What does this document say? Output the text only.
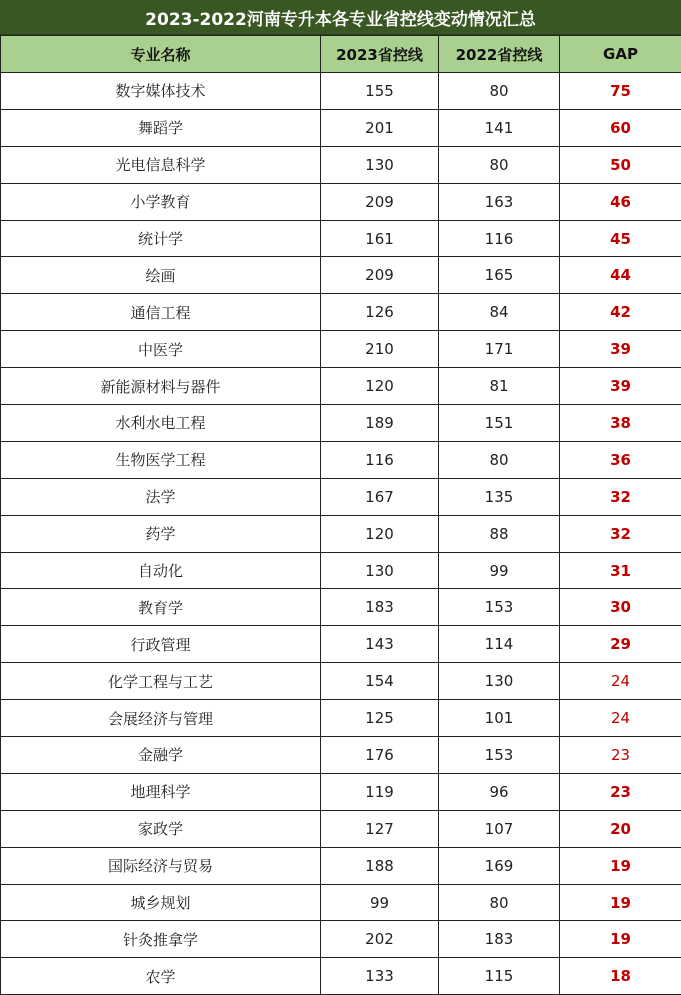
2023-2022河南专升本各专业省控线变动情况汇总
专业名称	2023省控线	2022省控线	GAP
数字媒体技术	155	80	75
舞蹈学	201	141	60
光电信息科学	130	80	50
小学教育	209	163	46
统计学	161	116	45
绘画	209	165	44
通信工程	126	84	42
中医学	210	171	39
新能源材料与器件	120	81	39
水利水电工程	189	151	38
生物医学工程	116	80	36
法学	167	135	32
药学	120	88	32
自动化	130	99	31
教育学	183	153	30
行政管理	143	114	29
化学工程与工艺	154	130	24
会展经济与管理	125	101	24
金融学	176	153	23
地理科学	119	96	23
家政学	127	107	20
国际经济与贸易	188	169	19
城乡规划	99	80	19
针灸推拿学	202	183	19
农学	133	115	18
